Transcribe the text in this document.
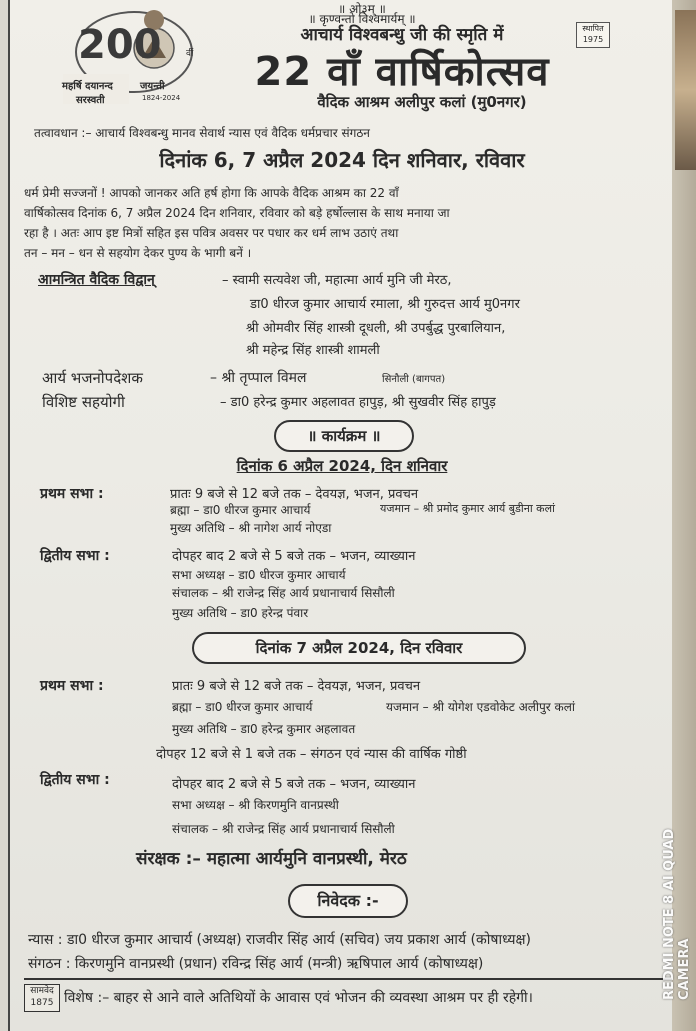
200	वीं
महर्षि दयानन्द
सरस्वती
जयन्ती
1824-2024
स्थापित 1975
॥ ओ३म् ॥
॥ कृण्वन्तो विश्वमार्यम् ॥
आचार्य विश्वबन्धु जी की स्मृति में
22 वाँ वार्षिकोत्सव
वैदिक आश्रम अलीपुर कलां (मु0नगर)
तत्वावधान :– आचार्य विश्वबन्धु मानव सेवार्थ न्यास एवं वैदिक धर्मप्रचार संगठन
दिनांक 6, 7 अप्रैल 2024 दिन शनिवार, रविवार
धर्म प्रेमी सज्जनों ! आपको जानकर अति हर्ष होगा कि आपके वैदिक आश्रम का 22 वाँ
वार्षिकोत्सव दिनांक 6, 7 अप्रैल 2024 दिन शनिवार, रविवार को बड़े हर्षोल्लास के साथ मनाया जा
रहा है । अतः आप इष्ट मित्रों सहित इस पवित्र अवसर पर पधार कर धर्म लाभ उठाएं तथा
तन – मन – धन से सहयोग देकर पुण्य के भागी बनें ।
आमन्त्रित वैदिक विद्वान्	– स्वामी सत्यवेश जी, महात्मा आर्य मुनि जी मेरठ,
डा0 धीरज कुमार आचार्य रमाला, श्री गुरुदत्त आर्य मु0नगर
श्री ओमवीर सिंह शास्त्री दूधली, श्री उपर्बुद्ध पुरबालियान,
श्री महेन्द्र सिंह शास्त्री शामली
आर्य भजनोपदेशक	– श्री तृप्पाल विमल	सिनौली (बागपत)
विशिष्ट सहयोगी	– डा0 हरेन्द्र कुमार अहलावत हापुड़, श्री सुखवीर सिंह हापुड़
॥ कार्यक्रम ॥
दिनांक 6 अप्रैल 2024, दिन शनिवार
प्रथम सभा :	प्रातः 9 बजे से 12 बजे तक – देवयज्ञ, भजन, प्रवचन
ब्रह्मा – डा0 धीरज कुमार आचार्य	यजमान – श्री प्रमोद कुमार आर्य बुडीना कलां
मुख्य अतिथि – श्री नागेश आर्य नोएडा
द्वितीय सभा :	दोपहर बाद 2 बजे से 5 बजे तक – भजन, व्याख्यान
सभा अध्यक्ष – डा0 धीरज कुमार आचार्य
संचालक – श्री राजेन्द्र सिंह आर्य प्रधानाचार्य सिसौली
मुख्य अतिथि – डा0 हरेन्द्र पंवार
दिनांक 7 अप्रैल 2024, दिन रविवार
प्रथम सभा :	प्रातः 9 बजे से 12 बजे तक – देवयज्ञ, भजन, प्रवचन
ब्रह्मा – डा0 धीरज कुमार आचार्य	यजमान – श्री योगेश एडवोकेट अलीपुर कलां
मुख्य अतिथि – डा0 हरेन्द्र कुमार अहलावत
दोपहर 12 बजे से 1 बजे तक – संगठन एवं न्यास की वार्षिक गोष्ठी
द्वितीय सभा :	दोपहर बाद 2 बजे से 5 बजे तक – भजन, व्याख्यान
सभा अध्यक्ष – श्री किरणमुनि वानप्रस्थी
संचालक – श्री राजेन्द्र सिंह आर्य प्रधानाचार्य सिसौली
संरक्षक :– महात्मा आर्यमुनि वानप्रस्थी, मेरठ
निवेदक :-
न्यास : डा0 धीरज कुमार आचार्य (अध्यक्ष) राजवीर सिंह आर्य (सचिव) जय प्रकाश आर्य (कोषाध्यक्ष)
संगठन : किरणमुनि वानप्रस्थी (प्रधान) रविन्द्र सिंह आर्य (मन्त्री) ऋषिपाल आर्य (कोषाध्यक्ष)
सामवेद 1875 विशेष :– बाहर से आने वाले अतिथियों के आवास एवं भोजन की व्यवस्था आश्रम पर ही रहेगी।	REDMI NOTE 8 AI QUAD CAMERA
